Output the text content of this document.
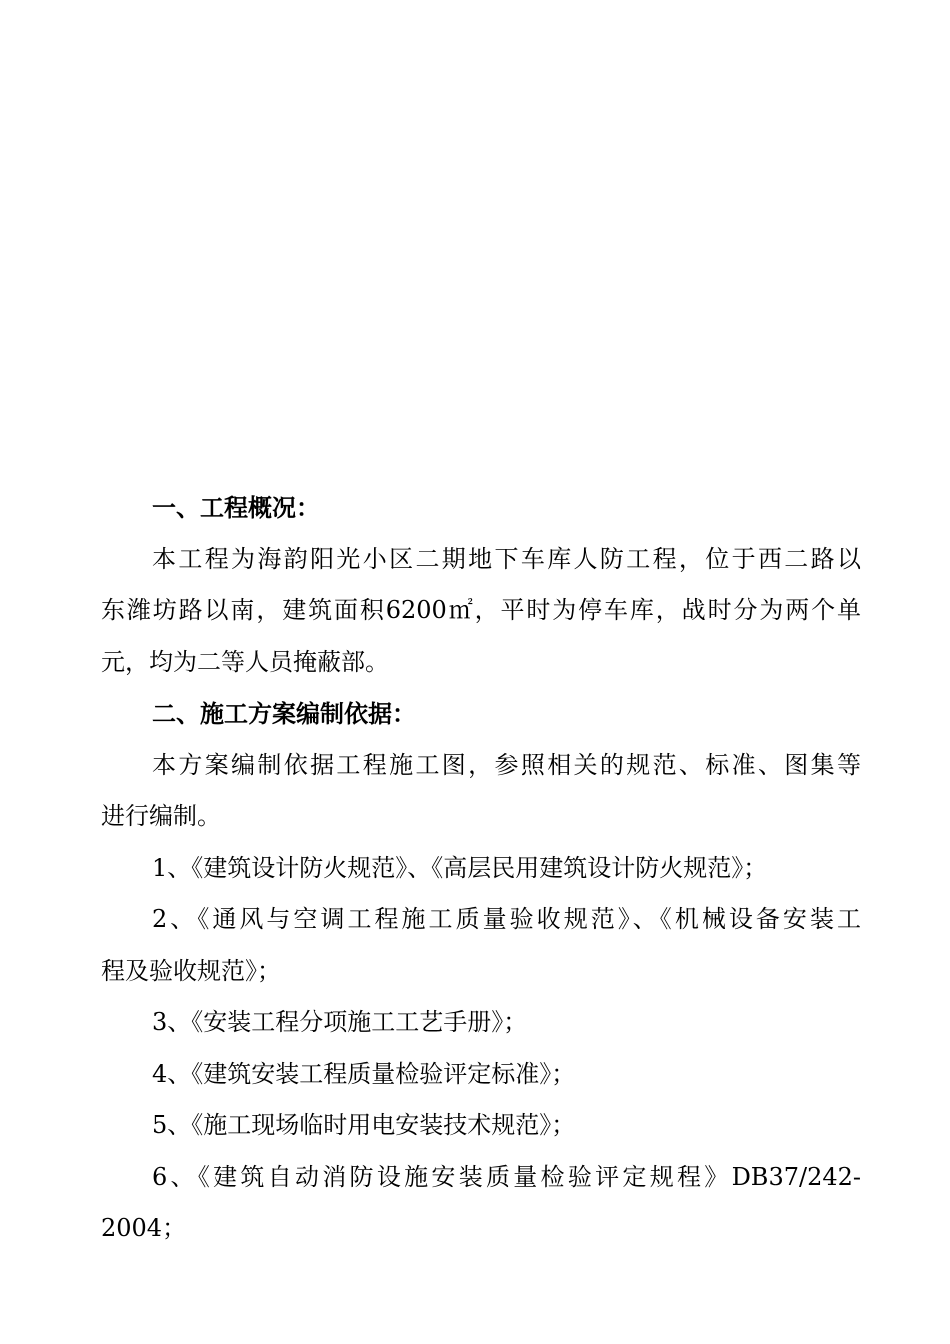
一、工程概况：
本工程为海韵阳光小区二期地下车库人防工程，位于西二路以
东潍坊路以南，建筑面积6200㎡，平时为停车库，战时分为两个单
元，均为二等人员掩蔽部。
二、施工方案编制依据：
本方案编制依据工程施工图，参照相关的规范、标准、图集等
进行编制。
1、《建筑设计防火规范》、《高层民用建筑设计防火规范》；
2、《通风与空调工程施工质量验收规范》、《机械设备安装工
程及验收规范》；
3、《安装工程分项施工工艺手册》；
4、《建筑安装工程质量检验评定标准》；
5、《施工现场临时用电安装技术规范》；
6、《建筑自动消防设施安装质量检验评定规程》DB37/242-
2004；
